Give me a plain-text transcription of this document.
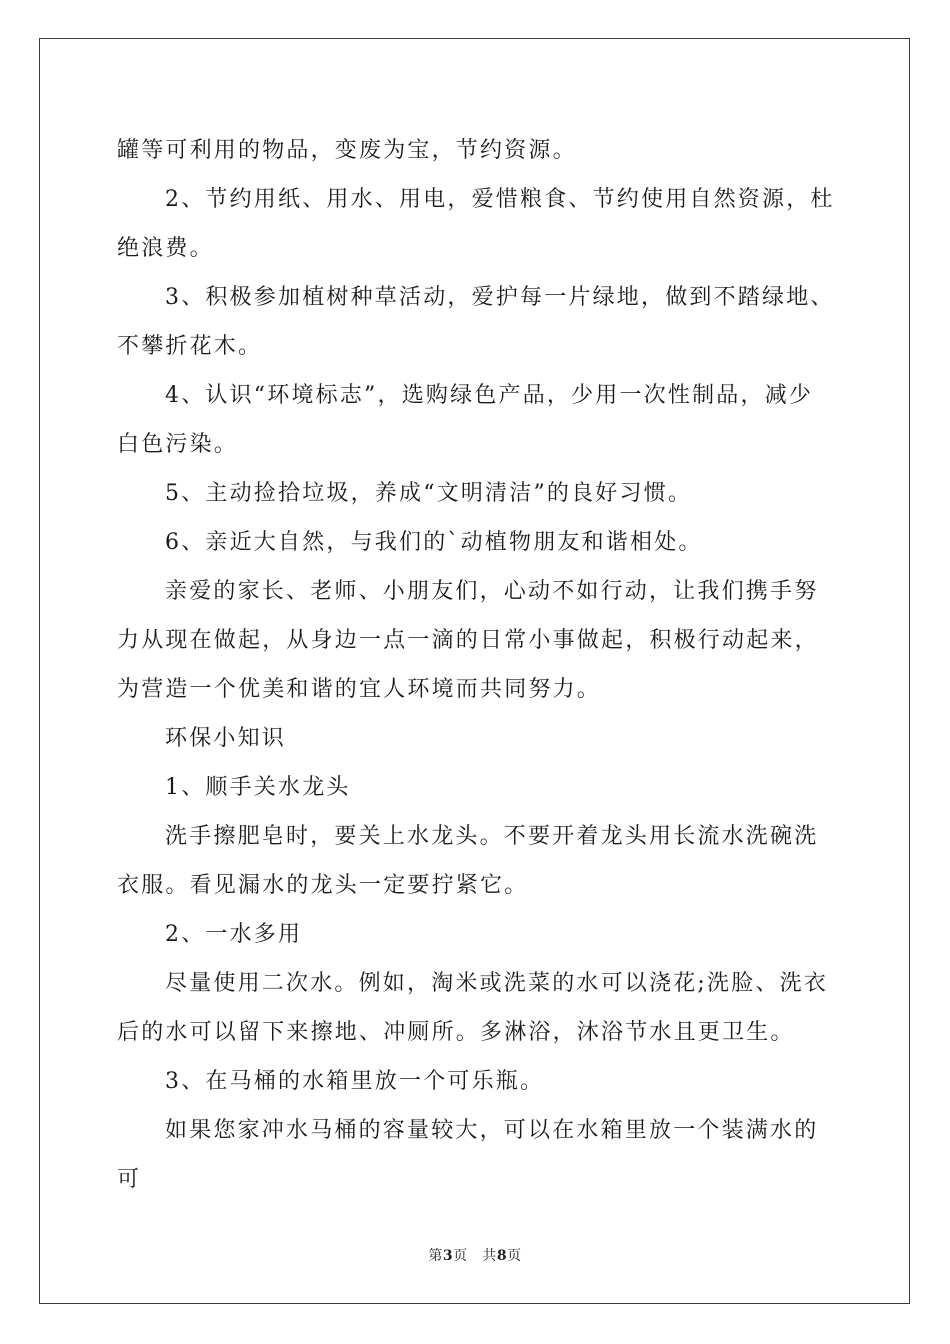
罐等可利用的物品，变废为宝，节约资源。

2、节约用纸、用水、用电，爱惜粮食、节约使用自然资源，杜绝浪费。

3、积极参加植树种草活动，爱护每一片绿地，做到不踏绿地、不攀折花木。

4、认识“环境标志”，选购绿色产品，少用一次性制品，减少白色污染。

5、主动捡拾垃圾，养成“文明清洁”的良好习惯。

6、亲近大自然，与我们的`动植物朋友和谐相处。

亲爱的家长、老师、小朋友们，心动不如行动，让我们携手努力从现在做起，从身边一点一滴的日常小事做起，积极行动起来，为营造一个优美和谐的宜人环境而共同努力。

环保小知识

1、顺手关水龙头

洗手擦肥皂时，要关上水龙头。不要开着龙头用长流水洗碗洗衣服。看见漏水的龙头一定要拧紧它。

2、一水多用

尽量使用二次水。例如，淘米或洗菜的水可以浇花;洗脸、洗衣后的水可以留下来擦地、冲厕所。多淋浴，沐浴节水且更卫生。

3、在马桶的水箱里放一个可乐瓶。

如果您家冲水马桶的容量较大，可以在水箱里放一个装满水的可

第3页 共8页
